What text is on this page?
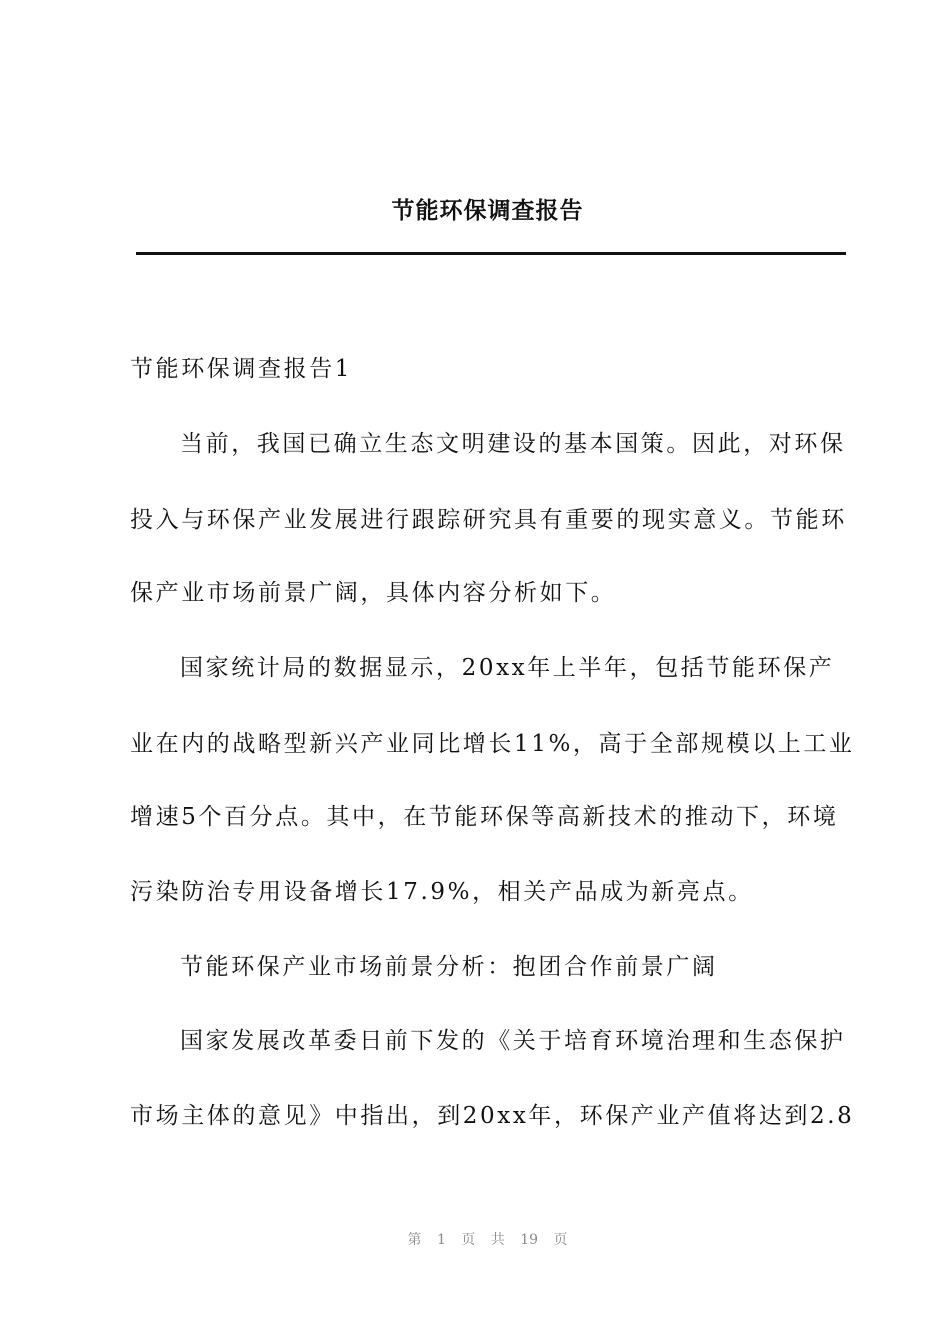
节能环保调查报告
节能环保调查报告1
当前，我国已确立生态文明建设的基本国策。因此，对环保
投入与环保产业发展进行跟踪研究具有重要的现实意义。节能环
保产业市场前景广阔，具体内容分析如下。
国家统计局的数据显示，20xx年上半年，包括节能环保产
业在内的战略型新兴产业同比增长11%，高于全部规模以上工业
增速5个百分点。其中，在节能环保等高新技术的推动下，环境
污染防治专用设备增长17.9%，相关产品成为新亮点。
节能环保产业市场前景分析：抱团合作前景广阔
国家发展改革委日前下发的《关于培育环境治理和生态保护
市场主体的意见》中指出，到20xx年，环保产业产值将达到2.8
第 1 页 共 19 页
